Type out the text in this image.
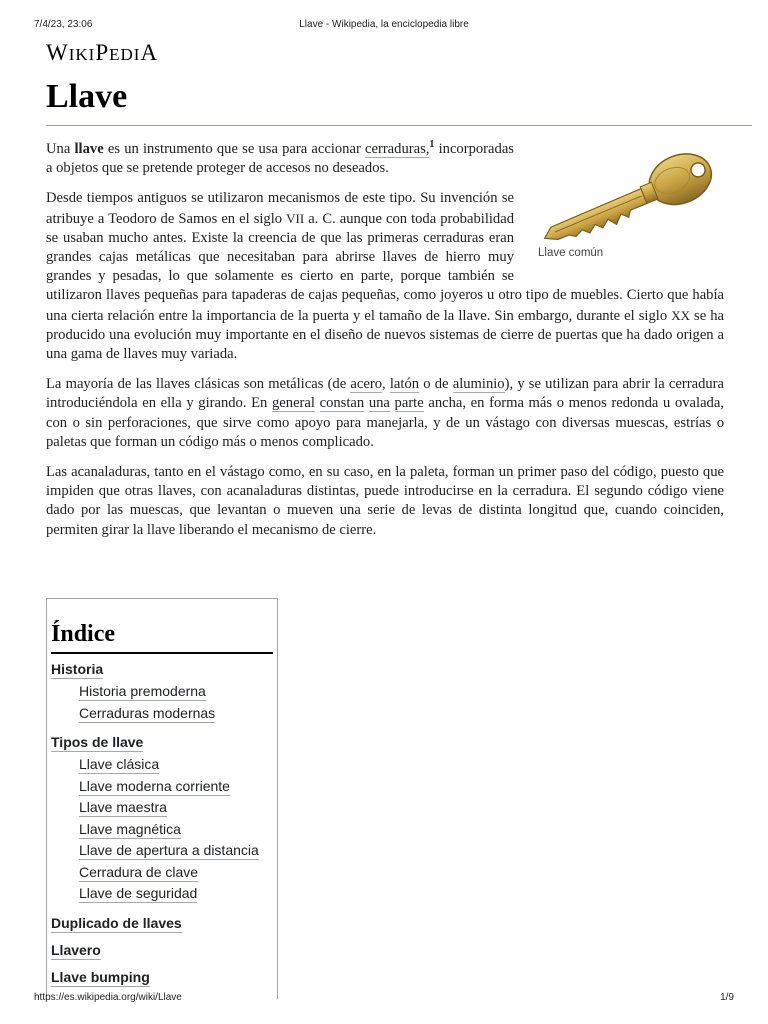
7/4/23, 23:06	Llave - Wikipedia, la enciclopedia libre
WIKIPEDIA
Llave
Llave común

Una llave es un instrumento que se usa para accionar cerraduras,$^1$ incorporadas a objetos que se pretende proteger de accesos no deseados.

Desde tiempos antiguos se utilizaron mecanismos de este tipo. Su invención se atribuye a Teodoro de Samos en el siglo VII a. C. aunque con toda probabilidad se usaban mucho antes. Existe la creencia de que las primeras cerraduras eran grandes cajas metálicas que necesitaban para abrirse llaves de hierro muy grandes y pesadas, lo que solamente es cierto en parte, porque también se utilizaron llaves pequeñas para tapaderas de cajas pequeñas, como joyeros u otro tipo de muebles. Cierto que había una cierta relación entre la importancia de la puerta y el tamaño de la llave. Sin embargo, durante el siglo XX se ha producido una evolución muy importante en el diseño de nuevos sistemas de cierre de puertas que ha dado origen a una gama de llaves muy variada.

La mayoría de las llaves clásicas son metálicas (de acero, latón o de aluminio), y se utilizan para abrir la cerradura introduciéndola en ella y girando. En general constan una parte ancha, en forma más o menos redonda u ovalada, con o sin perforaciones, que sirve como apoyo para manejarla, y de un vástago con diversas muescas, estrías o paletas que forman un código más o menos complicado.

Las acanaladuras, tanto en el vástago como, en su caso, en la paleta, forman un primer paso del código, puesto que impiden que otras llaves, con acanaladuras distintas, puede introducirse en la cerradura. El segundo código viene dado por las muescas, que levantan o mueven una serie de levas de distinta longitud que, cuando coinciden, permiten girar la llave liberando el mecanismo de cierre.

Índice
Historia
Historia premoderna
Cerraduras modernas
Tipos de llave
Llave clásica
Llave moderna corriente
Llave maestra
Llave magnética
Llave de apertura a distancia
Cerradura de clave
Llave de seguridad
Duplicado de llaves
Llavero
Llave bumping
https://es.wikipedia.org/wiki/Llave	1/9
